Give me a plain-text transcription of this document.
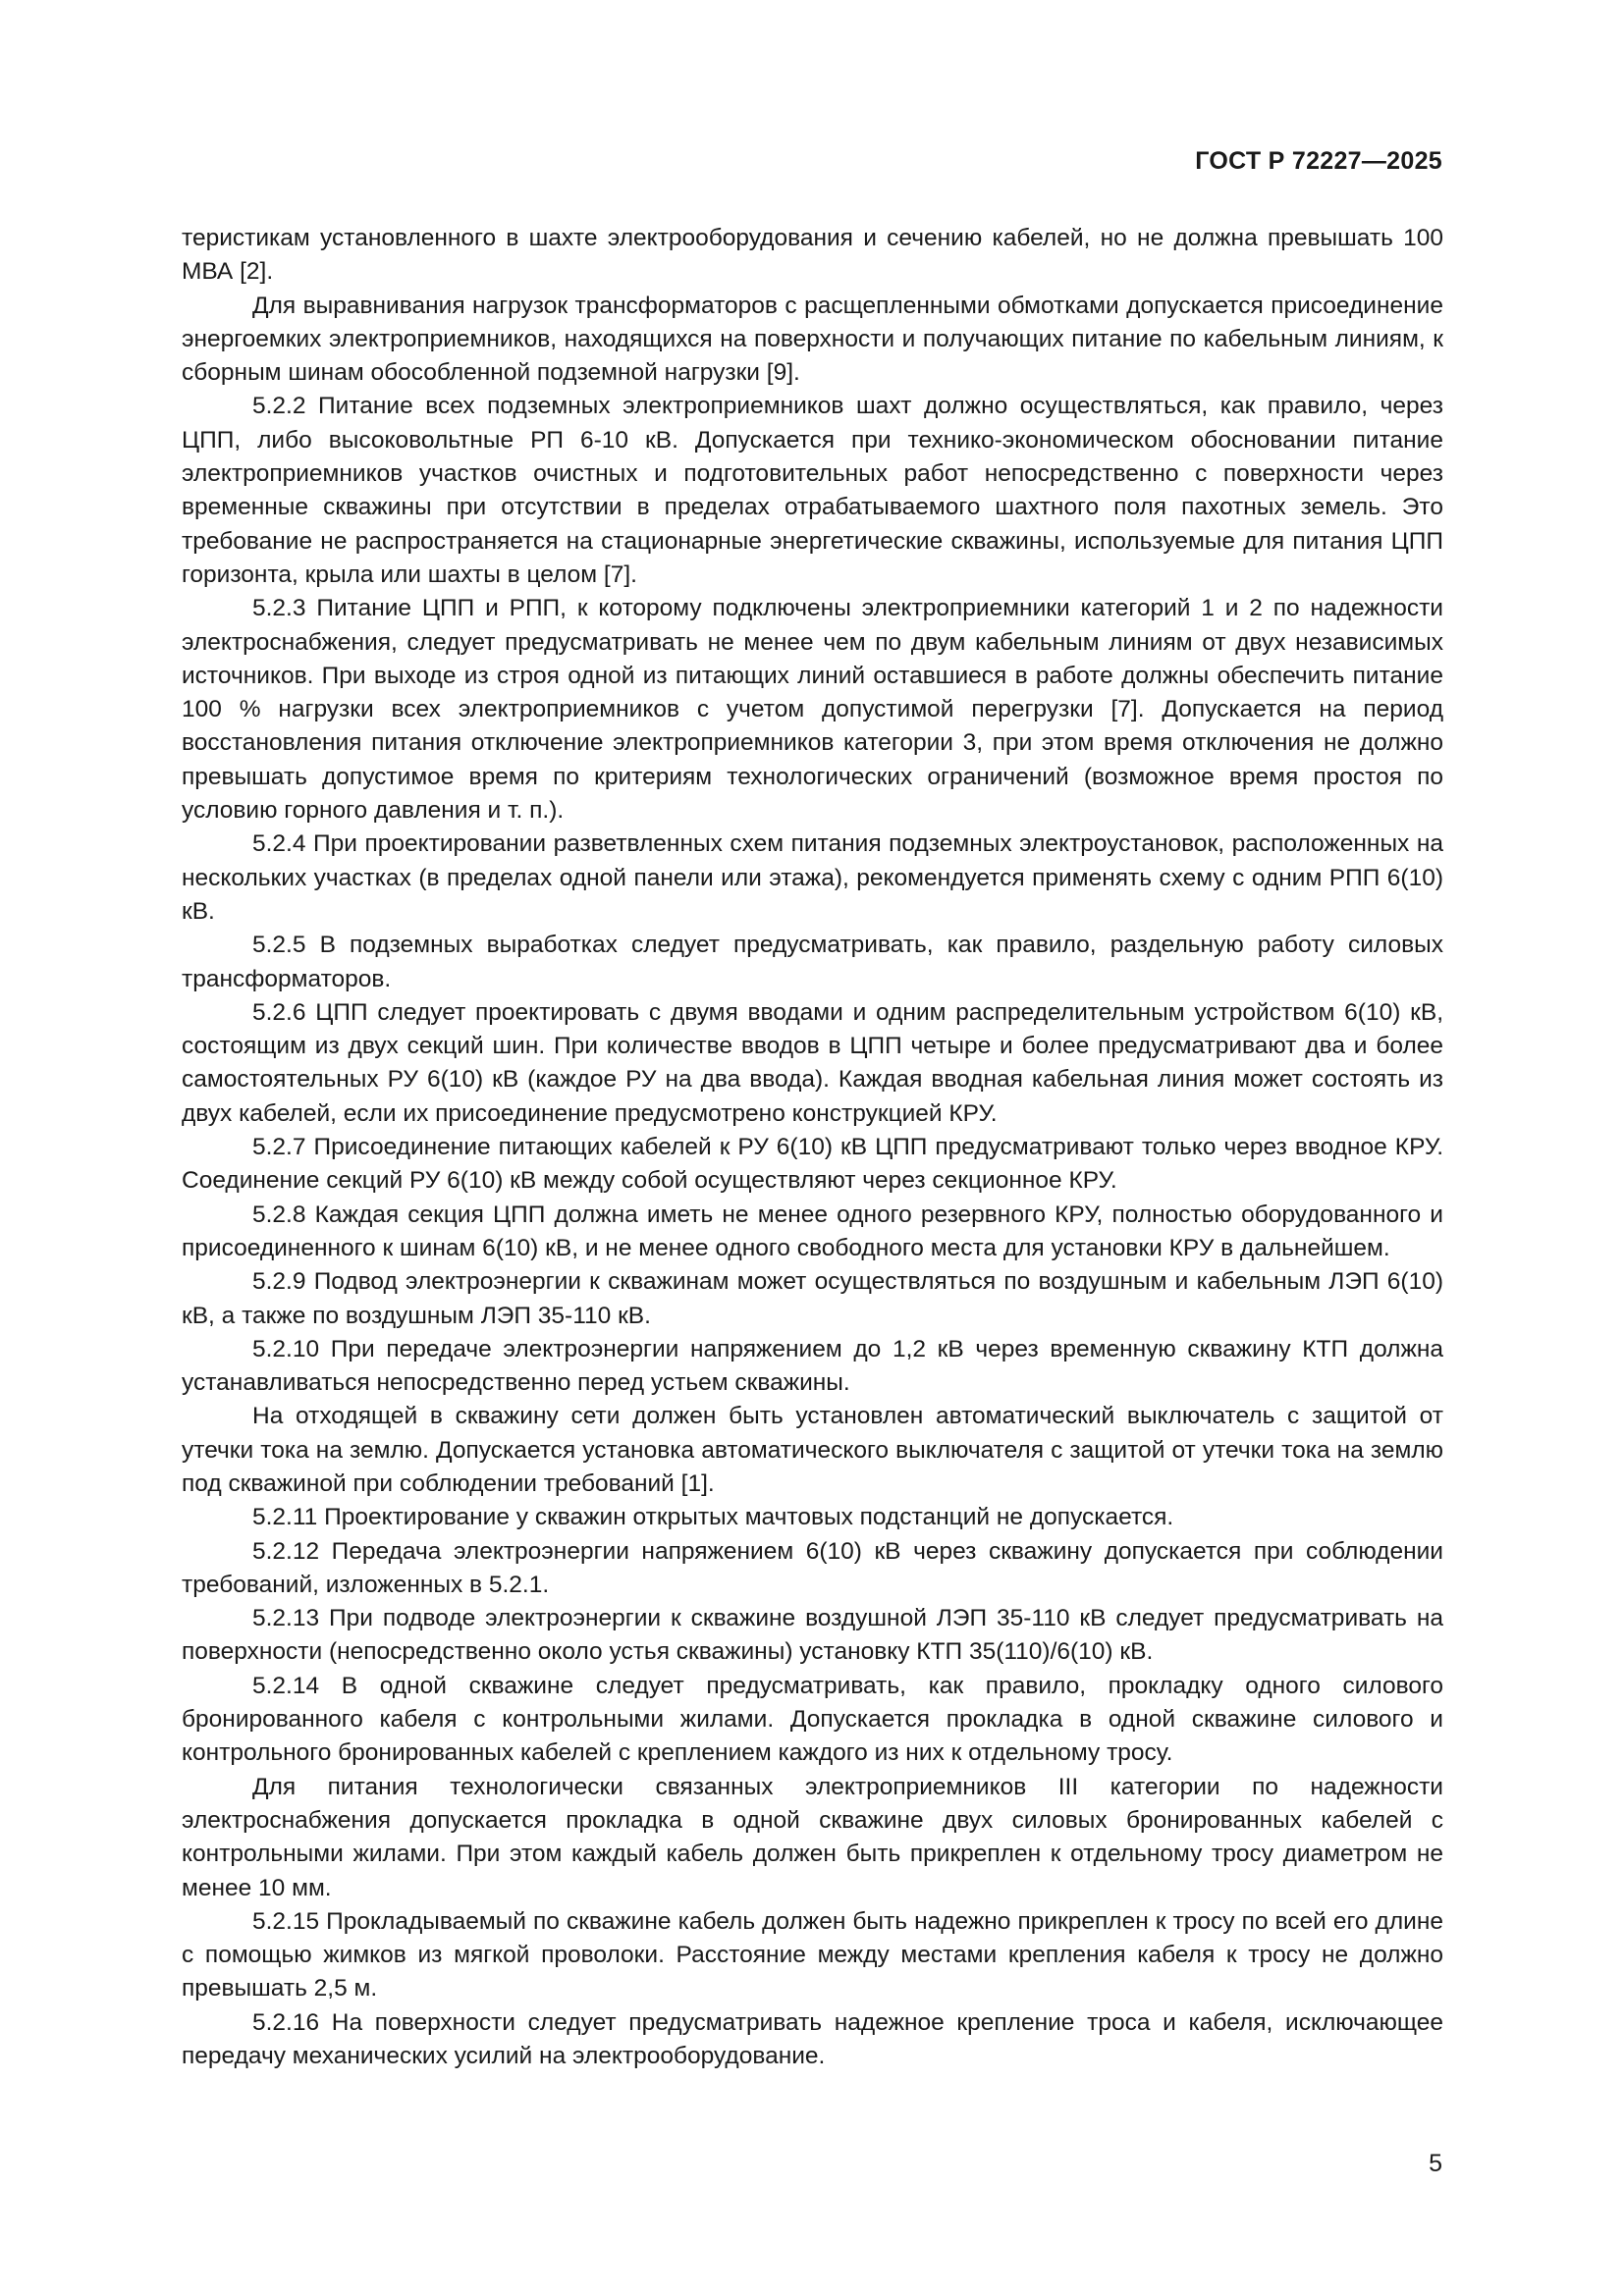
ГОСТ Р 72227—2025

теристикам установленного в шахте электрооборудования и сечению кабелей, но не должна превышать 100 МВА [2].

Для выравнивания нагрузок трансформаторов с расщепленными обмотками допускается присоединение энергоемких электроприемников, находящихся на поверхности и получающих питание по кабельным линиям, к сборным шинам обособленной подземной нагрузки [9].

5.2.2 Питание всех подземных электроприемников шахт должно осуществляться, как правило, через ЦПП, либо высоковольтные РП 6-10 кВ. Допускается при технико-экономическом обосновании питание электроприемников участков очистных и подготовительных работ непосредственно с поверхности через временные скважины при отсутствии в пределах отрабатываемого шахтного поля пахотных земель. Это требование не распространяется на стационарные энергетические скважины, используемые для питания ЦПП горизонта, крыла или шахты в целом [7].

5.2.3 Питание ЦПП и РПП, к которому подключены электроприемники категорий 1 и 2 по надежности электроснабжения, следует предусматривать не менее чем по двум кабельным линиям от двух независимых источников. При выходе из строя одной из питающих линий оставшиеся в работе должны обеспечить питание 100 % нагрузки всех электроприемников с учетом допустимой перегрузки [7]. Допускается на период восстановления питания отключение электроприемников категории 3, при этом время отключения не должно превышать допустимое время по критериям технологических ограничений (возможное время простоя по условию горного давления и т. п.).

5.2.4 При проектировании разветвленных схем питания подземных электроустановок, расположенных на нескольких участках (в пределах одной панели или этажа), рекомендуется применять схему с одним РПП 6(10) кВ.

5.2.5 В подземных выработках следует предусматривать, как правило, раздельную работу силовых трансформаторов.

5.2.6 ЦПП следует проектировать с двумя вводами и одним распределительным устройством 6(10) кВ, состоящим из двух секций шин. При количестве вводов в ЦПП четыре и более предусматривают два и более самостоятельных РУ 6(10) кВ (каждое РУ на два ввода). Каждая вводная кабельная линия может состоять из двух кабелей, если их присоединение предусмотрено конструкцией КРУ.

5.2.7 Присоединение питающих кабелей к РУ 6(10) кВ ЦПП предусматривают только через вводное КРУ. Соединение секций РУ 6(10) кВ между собой осуществляют через секционное КРУ.

5.2.8 Каждая секция ЦПП должна иметь не менее одного резервного КРУ, полностью оборудованного и присоединенного к шинам 6(10) кВ, и не менее одного свободного места для установки КРУ в дальнейшем.

5.2.9 Подвод электроэнергии к скважинам может осуществляться по воздушным и кабельным ЛЭП 6(10) кВ, а также по воздушным ЛЭП 35-110 кВ.

5.2.10 При передаче электроэнергии напряжением до 1,2 кВ через временную скважину КТП должна устанавливаться непосредственно перед устьем скважины.

На отходящей в скважину сети должен быть установлен автоматический выключатель с защитой от утечки тока на землю. Допускается установка автоматического выключателя с защитой от утечки тока на землю под скважиной при соблюдении требований [1].

5.2.11 Проектирование у скважин открытых мачтовых подстанций не допускается.

5.2.12 Передача электроэнергии напряжением 6(10) кВ через скважину допускается при соблюдении требований, изложенных в 5.2.1.

5.2.13 При подводе электроэнергии к скважине воздушной ЛЭП 35-110 кВ следует предусматривать на поверхности (непосредственно около устья скважины) установку КТП 35(110)/6(10) кВ.

5.2.14 В одной скважине следует предусматривать, как правило, прокладку одного силового бронированного кабеля с контрольными жилами. Допускается прокладка в одной скважине силового и контрольного бронированных кабелей с креплением каждого из них к отдельному тросу.

Для питания технологически связанных электроприемников III категории по надежности электроснабжения допускается прокладка в одной скважине двух силовых бронированных кабелей с контрольными жилами. При этом каждый кабель должен быть прикреплен к отдельному тросу диаметром не менее 10 мм.

5.2.15 Прокладываемый по скважине кабель должен быть надежно прикреплен к тросу по всей его длине с помощью жимков из мягкой проволоки. Расстояние между местами крепления кабеля к тросу не должно превышать 2,5 м.

5.2.16 На поверхности следует предусматривать надежное крепление троса и кабеля, исключающее передачу механических усилий на электрооборудование.

5
